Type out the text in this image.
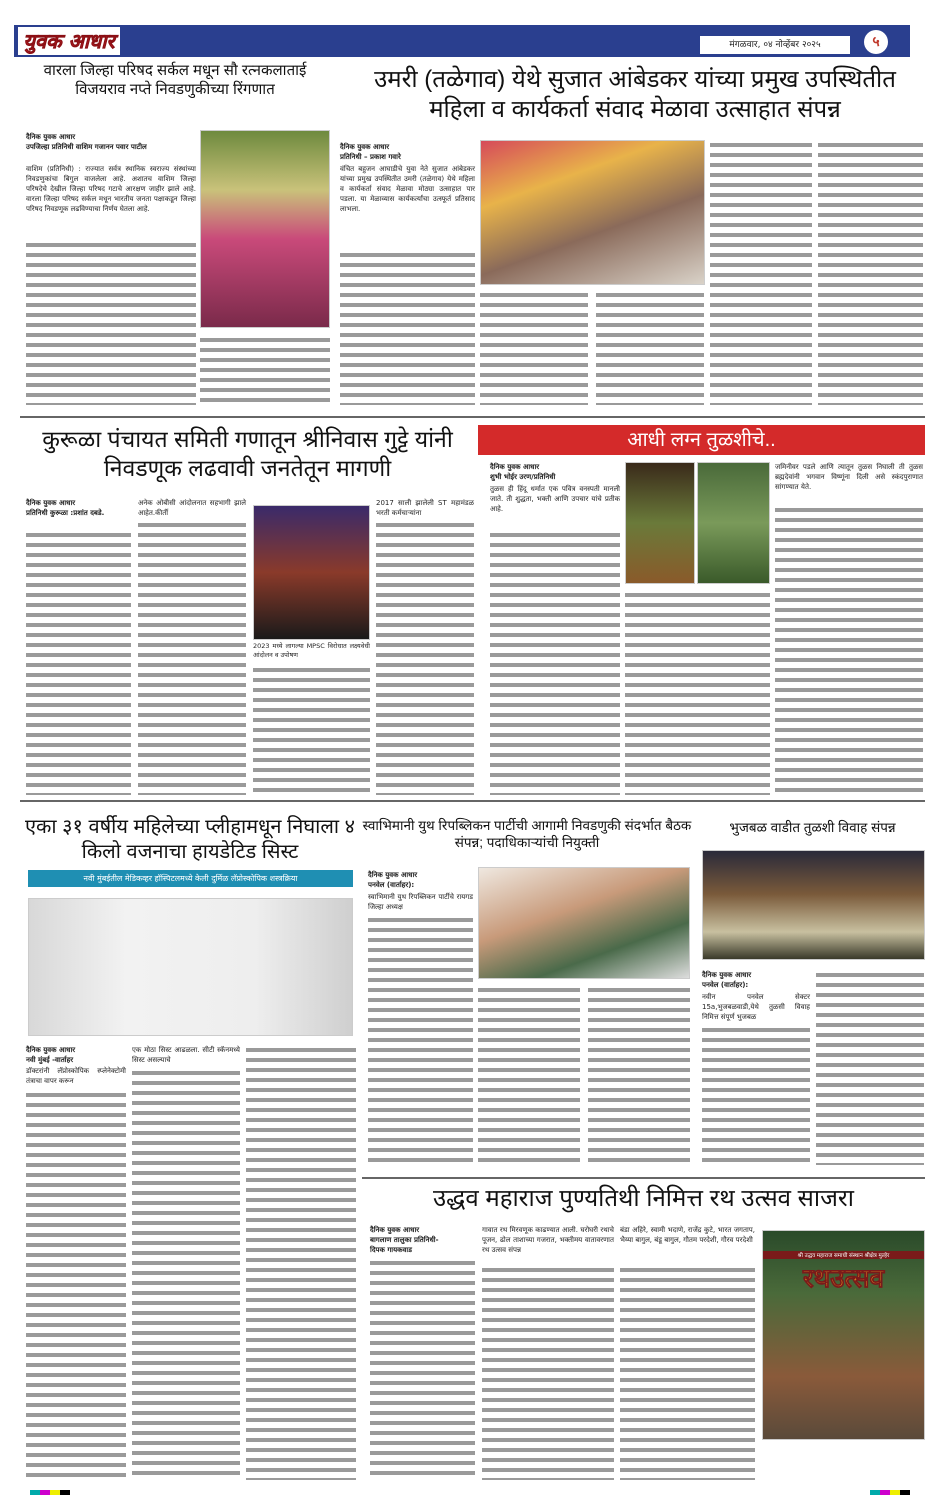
युवक आधार	मंगळवार, ०४ नोव्हेंबर २०२५	५
वारला जिल्हा परिषद सर्कल मधून सौ रत्नकलाताई विजयराव नप्ते निवडणुकीच्या रिंगणात
दैनिक युवक आधार
उपजिल्हा प्रतिनिधी वाशिम गजानन पवार पाटील

वाशिम (प्रतिनिधी) : राज्यात सर्वत्र स्थानिक स्वराज्य संस्थांच्या निवडणुकांचा बिगुल वाजलेला आहे. अशातच वाशिम जिल्हा परिषदेचे देखील जिल्हा परिषद गटाचे आरक्षण जाहीर झाले आहे. वारला जिल्हा परिषद सर्कल मधून भारतीय जनता पक्षाकडून जिल्हा परिषद निवडणूक लढविण्याचा निर्णय घेतला आहे.

उमरी (तळेगाव) येथे सुजात आंबेडकर यांच्या प्रमुख उपस्थितीत महिला व कार्यकर्ता संवाद मेळावा उत्साहात संपन्न
दैनिक युवक आधार
प्रतिनिधी – प्रकाश गवारे

वंचित बहुजन आघाडीचे युवा नेते सुजात आंबेडकर यांच्या प्रमुख उपस्थितीत उमरी (तळेगाव) येथे महिला व कार्यकर्ता संवाद मेळावा मोठ्या उत्साहात पार पडला. या मेळाव्यास कार्यकर्त्यांचा उत्स्फूर्त प्रतिसाद लाभला.

कुरूळा पंचायत समिती गणातून श्रीनिवास गुट्टे यांनी निवडणूक लढवावी जनतेतून मागणी
दैनिक युवक आधार
प्रतिनिधी कुरूळा :प्रशांत दबडे.

अनेक ओबीसी आंदोलनात सहभागी झाले आहेत.कीर्ती

2023 मध्ये लागल्या MPSC विरोधात लक्ष्यवेधी आंदोलन व उपोषण

2017 साली झालेली ST महामंडळ भरती कर्मचाऱ्यांना

आधी लग्न तुळशीचे..
दैनिक युवक आधार
शुभी भोईर उरण/प्रतिनिधी

तुळस ही हिंदू धर्मात एक पवित्र वनस्पती मानली जाते. ती शुद्धता, भक्ती आणि उपचार यांचे प्रतीक आहे.

जमिनीवर पडले आणि त्यातून तुळस निघाली ती तुळस ब्रह्मदेवांनी भगवान विष्णूंना दिली असे स्कंदपुराणात सांगण्यात येते.

एका ३१ वर्षीय महिलेच्या प्लीहामधून निघाला ४ किलो वजनाचा हायडेटिड सिस्ट
नवी मुंबईतील मेडिकव्हर हॉस्पिटलमध्ये केली दुर्मिळ लॅप्रोस्कोपिक शस्त्रक्रिया
दैनिक युवक आधार
नवी मुंबई -वार्ताहर

डॉक्टरांनी लॅप्रोस्कोपिक स्प्लेनेक्टोमी तंत्राचा वापर करून

एक मोठा सिस्ट आढळला. सीटी स्कॅनमध्ये सिस्ट असल्याचे

स्वाभिमानी युथ रिपब्लिकन पार्टीची आगामी निवडणुकी संदर्भात बैठक संपन्न; पदाधिकाऱ्यांची नियुक्ती
दैनिक युवक आधार
पनवेल (वार्ताहर):

स्वाभिमानी युथ रिपब्लिकन पार्टीचे रायगड जिल्हा अध्यक्ष

भुजबळ वाडीत तुळशी विवाह संपन्न
दैनिक युवक आधार
पनवेल (वार्ताहर):

नवीन पनवेल सेक्टर 15a,भुजबळवाडी,येथे तुळसी विवाह निमित्त संपूर्ण भुजबळ

उद्धव महाराज पुण्यतिथी निमित्त रथ उत्सव साजरा
दैनिक युवक आधार
बागलाण तालुका प्रतिनिधी-
दिपक गायकवाड

गावात रथ मिरवणूक काढण्यात आली. घरोघरी रथाचे पूजन, ढोल ताशाच्या गजरात, भक्तीमय वातावरणात रथ उत्सव संपन्न

बंडा अहिरे, स्वामी भदाणे, राजेंद्र कुटे, भारत जगताप, भैय्या बागुल, बंडू बागुल, गौतम परदेशी, गौरव परदेशी

श्री उद्धव महाराज समाधी संस्थान श्रीक्षेत्र मुल्हेर
रथउत्सव
